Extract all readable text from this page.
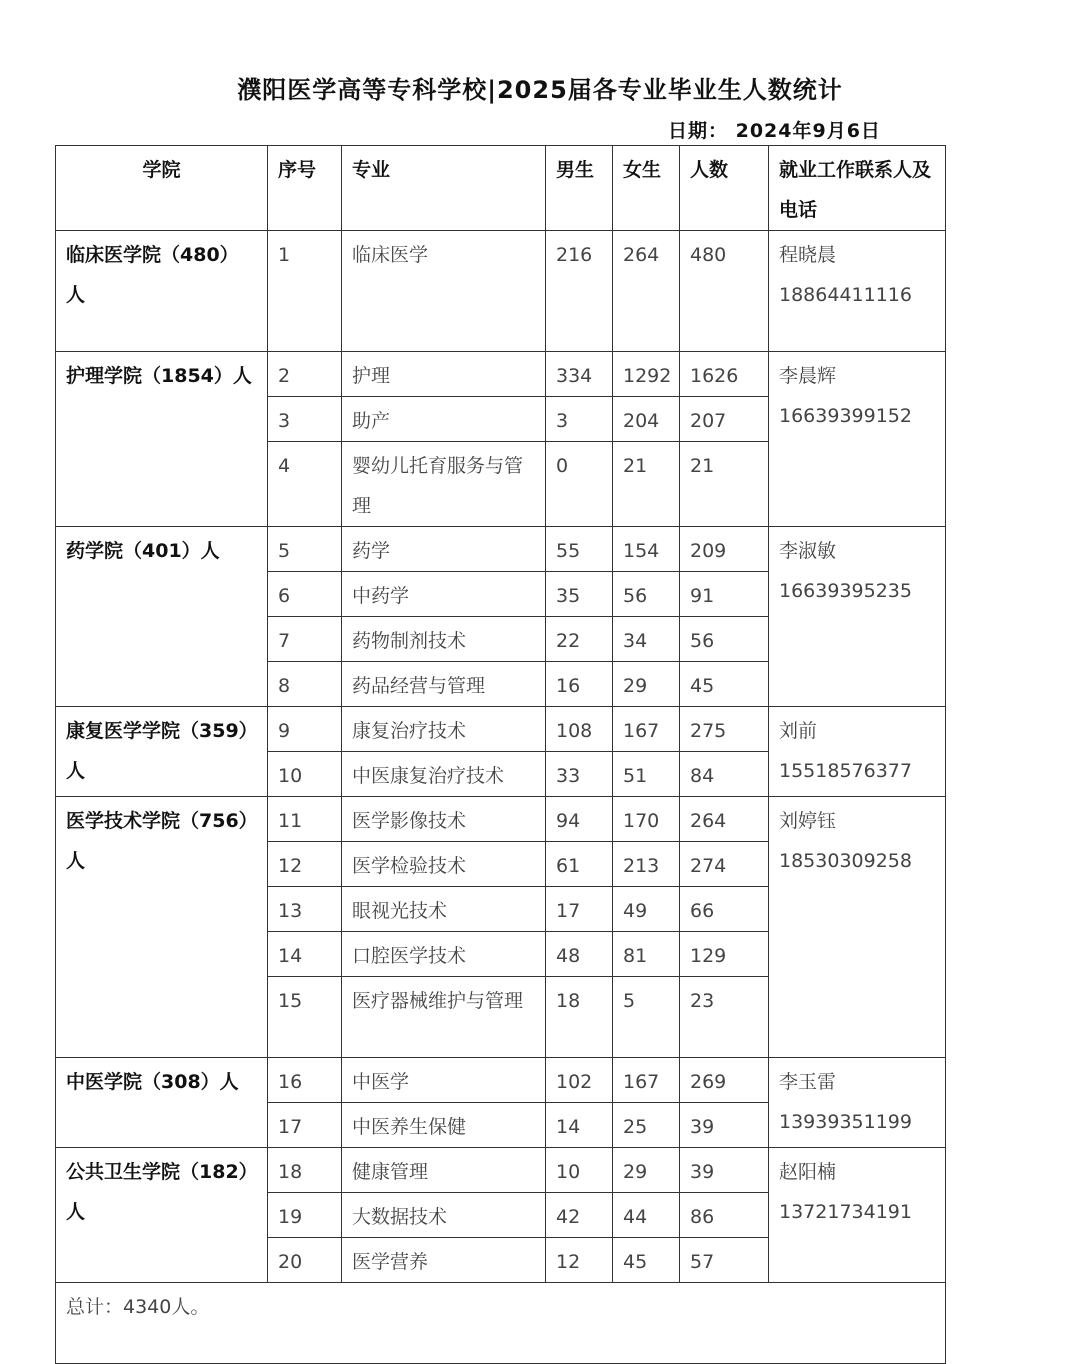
濮阳医学高等专科学校|2025届各专业毕业生人数统计
日期： 2024年9月6日
学院	序号	专业	男生	女生	人数	就业工作联系人及电话
临床医学院（480）人	1	临床医学	216	264	480	程晓晨
18864411116

护理学院（1854）人	2	护理	334	1292	1626	李晨辉
16639399152

	3	助产	3	204	207	
	4	婴幼儿托育服务与管理	0	21	21	
药学院（401）人	5	药学	55	154	209	李淑敏
16639395235

	6	中药学	35	56	91	
	7	药物制剂技术	22	34	56	
	8	药品经营与管理	16	29	45	
康复医学学院（359）人	9	康复治疗技术	108	167	275	刘前
15518576377

	10	中医康复治疗技术	33	51	84	
医学技术学院（756）人	11	医学影像技术	94	170	264	刘婷钰
18530309258

	12	医学检验技术	61	213	274	
	13	眼视光技术	17	49	66	
	14	口腔医学技术	48	81	129	
	15	医疗器械维护与管理	18	5	23	
中医学院（308）人	16	中医学	102	167	269	李玉雷
13939351199

	17	中医养生保健	14	25	39	
公共卫生学院（182）人	18	健康管理	10	29	39	赵阳楠
13721734191

	19	大数据技术	42	44	86	
	20	医学营养	12	45	57	
总计：4340人。						
